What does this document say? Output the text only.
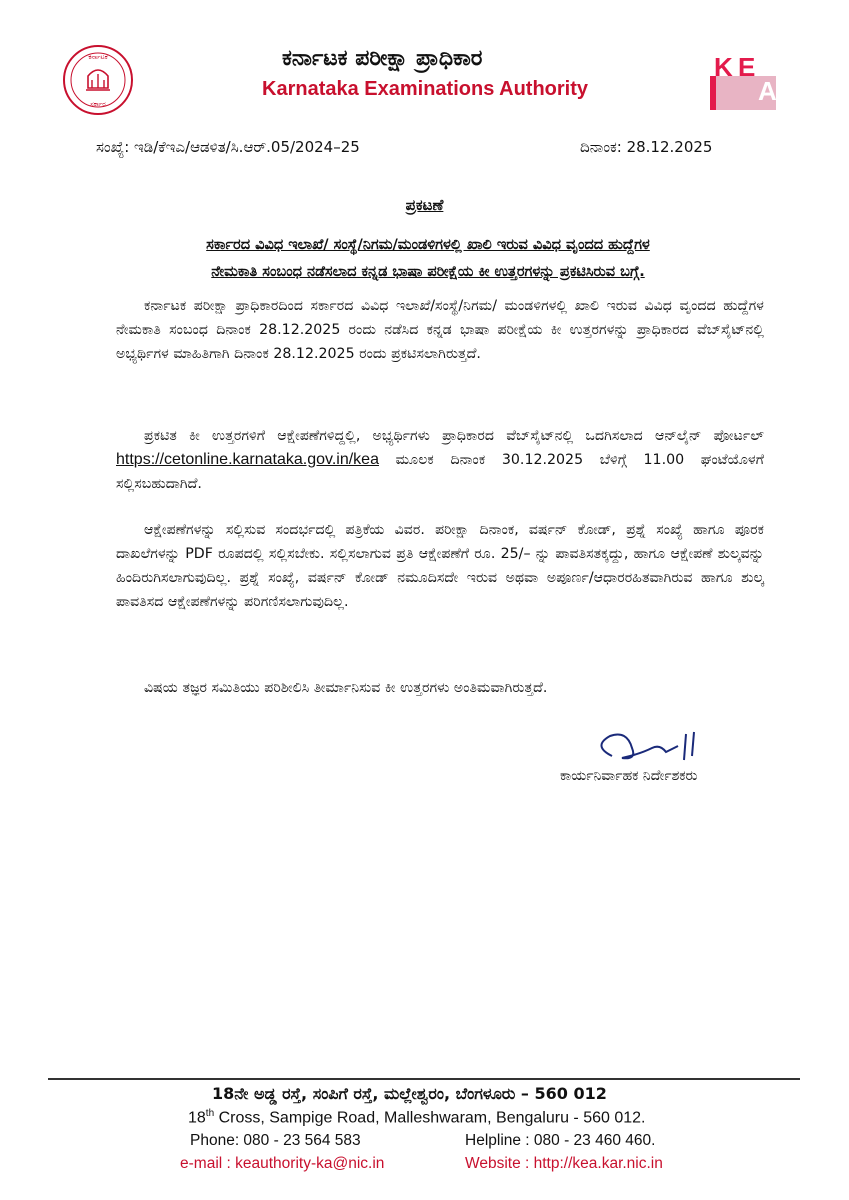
ಕರ್ನಾಟಕ
ಸರ್ಕಾರ
ಕರ್ನಾಟಕ ಪರೀಕ್ಷಾ ಪ್ರಾಧಿಕಾರ
Karnataka Examinations Authority
K E
A
ಸಂಖ್ಯೆ: ಇಡಿ/ಕೆಇಎ/ಆಡಳಿತ/ಸಿ.ಆರ್.05/2024–25	ದಿನಾಂಕ: 28.12.2025
ಪ್ರಕಟಣೆ
ಸರ್ಕಾರದ ವಿವಿಧ ಇಲಾಖೆ/ ಸಂಸ್ಥೆ/ನಿಗಮ/ಮಂಡಳಿಗಳಲ್ಲಿ ಖಾಲಿ ಇರುವ ವಿವಿಧ ವೃಂದದ ಹುದ್ದೆಗಳ
ನೇಮಕಾತಿ ಸಂಬಂಧ ನಡೆಸಲಾದ ಕನ್ನಡ ಭಾಷಾ ಪರೀಕ್ಷೆಯ ಕೀ ಉತ್ತರಗಳನ್ನು ಪ್ರಕಟಿಸಿರುವ ಬಗ್ಗೆ.
ಕರ್ನಾಟಕ ಪರೀಕ್ಷಾ ಪ್ರಾಧಿಕಾರದಿಂದ ಸರ್ಕಾರದ ವಿವಿಧ ಇಲಾಖೆ/ಸಂಸ್ಥೆ/ನಿಗಮ/ ಮಂಡಳಿಗಳಲ್ಲಿ ಖಾಲಿ ಇರುವ ವಿವಿಧ ವೃಂದದ ಹುದ್ದೆಗಳ ನೇಮಕಾತಿ ಸಂಬಂಧ ದಿನಾಂಕ 28.12.2025 ರಂದು ನಡೆಸಿದ ಕನ್ನಡ ಭಾಷಾ ಪರೀಕ್ಷೆಯ ಕೀ ಉತ್ತರಗಳನ್ನು ಪ್ರಾಧಿಕಾರದ ವೆಬ್‌ಸೈಟ್‌ನಲ್ಲಿ ಅಭ್ಯರ್ಥಿಗಳ ಮಾಹಿತಿಗಾಗಿ ದಿನಾಂಕ 28.12.2025 ರಂದು ಪ್ರಕಟಿಸಲಾಗಿರುತ್ತದೆ.
ಪ್ರಕಟಿತ ಕೀ ಉತ್ತರಗಳಿಗೆ ಆಕ್ಷೇಪಣೆಗಳಿದ್ದಲ್ಲಿ, ಅಭ್ಯರ್ಥಿಗಳು ಪ್ರಾಧಿಕಾರದ ವೆಬ್‌ಸೈಟ್‌ನಲ್ಲಿ ಒದಗಿಸಲಾದ ಆನ್‌ಲೈನ್ ಪೋರ್ಟಲ್ https://cetonline.karnataka.gov.in/kea ಮೂಲಕ ದಿನಾಂಕ 30.12.2025 ಬೆಳಿಗ್ಗೆ 11.00 ಘಂಟೆಯೊಳಗೆ ಸಲ್ಲಿಸಬಹುದಾಗಿದೆ.
ಆಕ್ಷೇಪಣೆಗಳನ್ನು ಸಲ್ಲಿಸುವ ಸಂದರ್ಭದಲ್ಲಿ ಪತ್ರಿಕೆಯ ವಿವರ. ಪರೀಕ್ಷಾ ದಿನಾಂಕ, ವರ್ಷನ್ ಕೋಡ್, ಪ್ರಶ್ನೆ ಸಂಖ್ಯೆ ಹಾಗೂ ಪೂರಕ ದಾಖಲೆಗಳನ್ನು PDF ರೂಪದಲ್ಲಿ ಸಲ್ಲಿಸಬೇಕು. ಸಲ್ಲಿಸಲಾಗುವ ಪ್ರತಿ ಆಕ್ಷೇಪಣೆಗೆ ರೂ. 25/– ನ್ನು ಪಾವತಿಸತಕ್ಕದ್ದು, ಹಾಗೂ ಆಕ್ಷೇಪಣೆ ಶುಲ್ಕವನ್ನು ಹಿಂದಿರುಗಿಸಲಾಗುವುದಿಲ್ಲ. ಪ್ರಶ್ನೆ ಸಂಖ್ಯೆ, ವರ್ಷನ್ ಕೋಡ್ ನಮೂದಿಸದೇ ಇರುವ ಅಥವಾ ಅಪೂರ್ಣ/ಆಧಾರರಹಿತವಾಗಿರುವ ಹಾಗೂ ಶುಲ್ಕ ಪಾವತಿಸದ ಆಕ್ಷೇಪಣೆಗಳನ್ನು ಪರಿಗಣಿಸಲಾಗುವುದಿಲ್ಲ.
ವಿಷಯ ತಜ್ಞರ ಸಮಿತಿಯು ಪರಿಶೀಲಿಸಿ ತೀರ್ಮಾನಿಸುವ ಕೀ ಉತ್ತರಗಳು ಅಂತಿಮವಾಗಿರುತ್ತದೆ.
ಕಾರ್ಯನಿರ್ವಾಹಕ ನಿರ್ದೇಶಕರು
18ನೇ ಅಡ್ಡ ರಸ್ತೆ, ಸಂಪಿಗೆ ರಸ್ತೆ, ಮಲ್ಲೇಶ್ವರಂ, ಬೆಂಗಳೂರು – 560 012
18th Cross, Sampige Road, Malleshwaram, Bengaluru - 560 012.
Phone: 080 - 23 564 583	Helpline : 080 - 23 460 460.
e-mail : keauthority-ka@nic.in	Website : http://kea.kar.nic.in
